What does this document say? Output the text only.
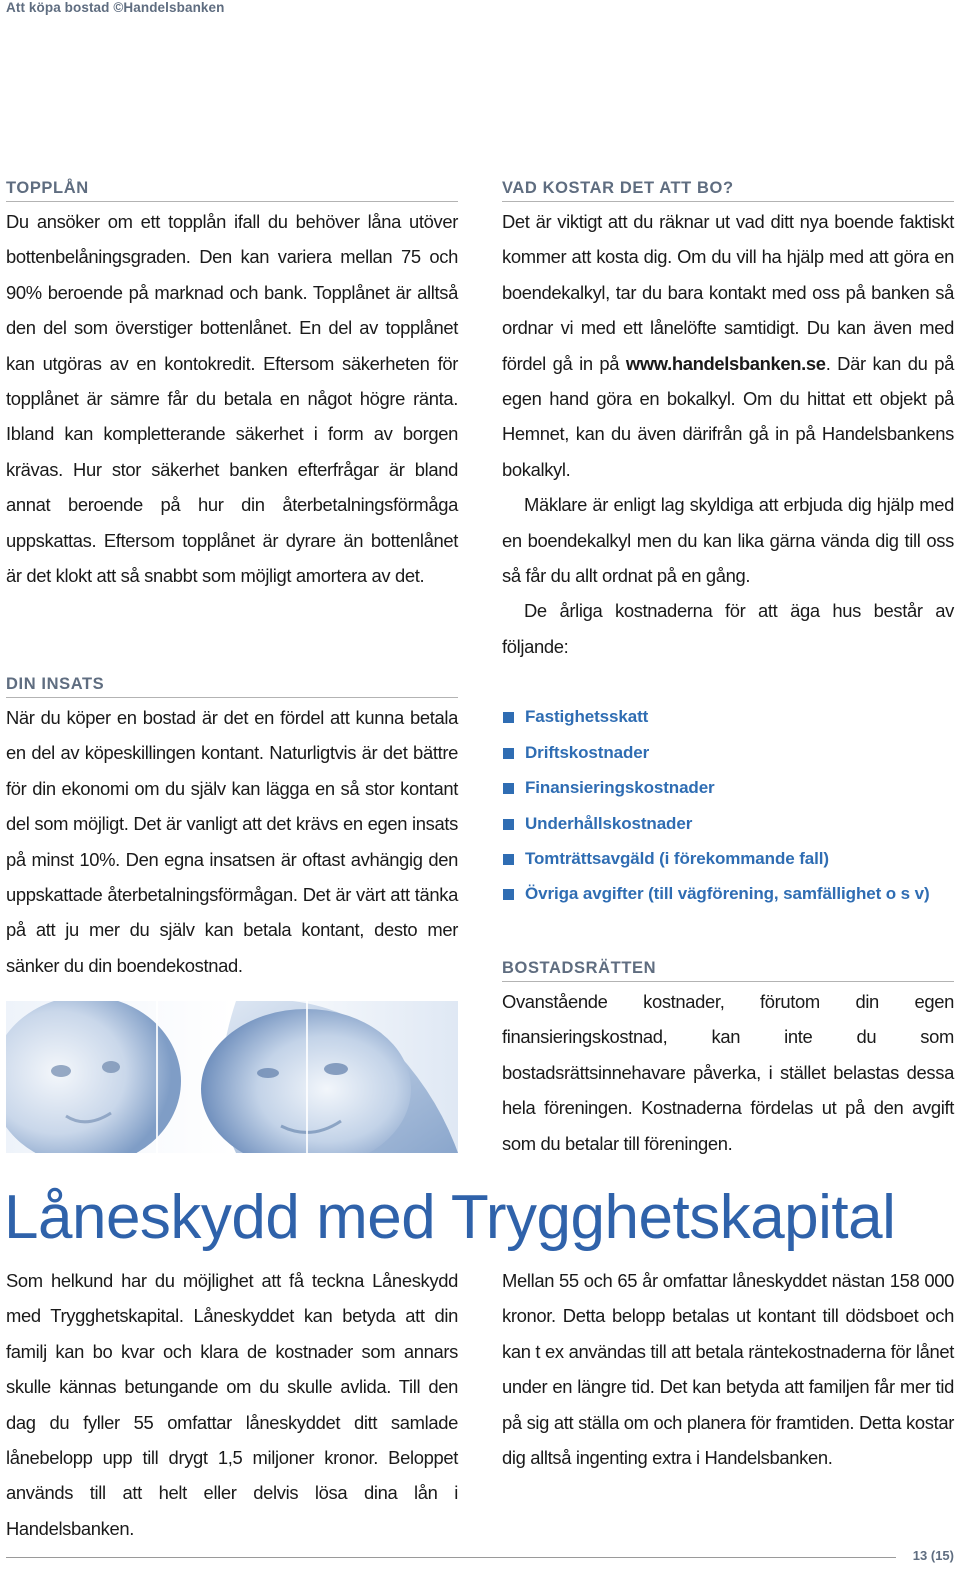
Att köpa bostad ©Handelsbanken
TOPPLÅN

Du ansöker om ett topplån ifall du behöver låna utöver bottenbelåningsgraden. Den kan variera mellan 75 och 90% beroende på marknad och bank. Topplånet är alltså den del som överstiger bottenlånet. En del av topplånet kan utgöras av en kontokredit. Eftersom säkerheten för topplånet är sämre får du betala en något högre ränta. Ibland kan kompletterande säkerhet i form av borgen krävas. Hur stor säkerhet banken efterfrågar är bland annat beroende på hur din återbetalningsförmåga uppskattas. Eftersom topplånet är dyrare än bottenlånet är det klokt att så snabbt som möjligt amortera av det.

DIN INSATS

När du köper en bostad är det en fördel att kunna betala en del av köpeskillingen kontant. Naturligtvis är det bättre för din ekonomi om du själv kan lägga en så stor kontant del som möjligt. Det är vanligt att det krävs en egen insats på minst 10%. Den egna insatsen är oftast avhängig den uppskattade återbetalningsförmågan. Det är värt att tänka på att ju mer du själv kan betala kontant, desto mer sänker du din boendekostnad.

VAD KOSTAR DET ATT BO?

Det är viktigt att du räknar ut vad ditt nya boende faktiskt kommer att kosta dig. Om du vill ha hjälp med att göra en boendekalkyl, tar du bara kontakt med oss på banken så ordnar vi med ett lånelöfte samtidigt. Du kan även med fördel gå in på www.handelsbanken.se. Där kan du på egen hand göra en bokalkyl. Om du hittat ett objekt på Hemnet, kan du även därifrån gå in på Handelsbankens bokalkyl.

Mäklare är enligt lag skyldiga att erbjuda dig hjälp med en boendekalkyl men du kan lika gärna vända dig till oss så får du allt ordnat på en gång.

De årliga kostnaderna för att äga hus består av följande:

Fastighetsskatt
Driftskostnader
Finansieringskostnader
Underhållskostnader
Tomträttsavgäld (i förekommande fall)
Övriga avgifter (till vägförening, samfällighet o s v)
BOSTADSRÄTTEN

Ovanstående kostnader, förutom din egen finansieringskostnad, kan inte du som bostadsrättsinnehavare påverka, i stället belastas dessa hela föreningen. Kostnaderna fördelas ut på den avgift som du betalar till föreningen.

Låneskydd med Trygghetskapital

Som helkund har du möjlighet att få teckna Låneskydd med Trygghetskapital. Låneskyddet kan betyda att din familj kan bo kvar och klara de kostnader som annars skulle kännas betungande om du skulle avlida. Till den dag du fyller 55 omfattar låneskyddet ditt samlade lånebelopp upp till drygt 1,5 miljoner kronor. Beloppet används till att helt eller delvis lösa dina lån i Handelsbanken.

Mellan 55 och 65 år omfattar låneskyddet nästan 158 000 kronor. Detta belopp betalas ut kontant till dödsboet och kan t ex användas till att betala räntekostnaderna för lånet under en längre tid. Det kan betyda att familjen får mer tid på sig att ställa om och planera för framtiden. Detta kostar dig alltså ingenting extra i Handelsbanken.

13 (15)
